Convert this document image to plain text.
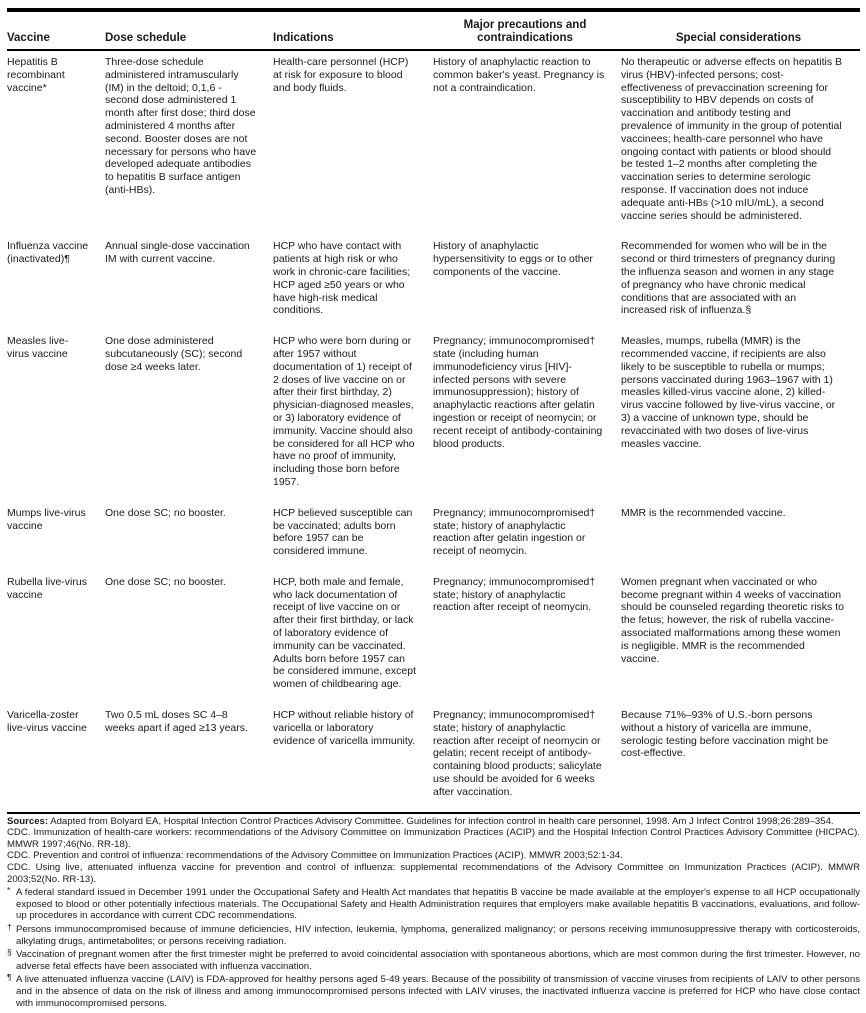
Vaccine	Dose schedule	Indications	Major precautions and contraindications	Special considerations
Hepatitis B recombinant vaccine*	Three-dose schedule administered intramuscularly (IM) in the deltoid; 0,1,6 - second dose administered 1 month after first dose; third dose administered 4 months after second. Booster doses are not necessary for persons who have developed adequate antibodies to hepatitis B surface antigen (anti-HBs).	Health-care personnel (HCP) at risk for exposure to blood and body fluids.	History of anaphylactic reaction to common baker's yeast. Pregnancy is not a contraindication.	No therapeutic or adverse effects on hepatitis B virus (HBV)-infected persons; cost-effectiveness of prevaccination screening for susceptibility to HBV depends on costs of vaccination and antibody testing and prevalence of immunity in the group of potential vaccinees; health-care personnel who have ongoing contact with patients or blood should be tested 1–2 months after completing the vaccination series to determine serologic response. If vaccination does not induce adequate anti-HBs (>10 mIU/mL), a second vaccine series should be administered.
Influenza vaccine (inactivated)¶	Annual single-dose vaccination IM with current vaccine.	HCP who have contact with patients at high risk or who work in chronic-care facilities; HCP aged ≥50 years or who have high-risk medical conditions.	History of anaphylactic hypersensitivity to eggs or to other components of the vaccine.	Recommended for women who will be in the second or third trimesters of pregnancy during the influenza season and women in any stage of pregnancy who have chronic medical conditions that are associated with an increased risk of influenza.§
Measles live-virus vaccine	One dose administered subcutaneously (SC); second dose ≥4 weeks later.	HCP who were born during or after 1957 without documentation of 1) receipt of 2 doses of live vaccine on or after their first birthday, 2) physician-diagnosed measles, or 3) laboratory evidence of immunity. Vaccine should also be considered for all HCP who have no proof of immunity, including those born before 1957.	Pregnancy; immunocompromised† state (including human immunodeficiency virus [HIV]-infected persons with severe immunosuppression); history of anaphylactic reactions after gelatin ingestion or receipt of neomycin; or recent receipt of antibody-containing blood products.	Measles, mumps, rubella (MMR) is the recommended vaccine, if recipients are also likely to be susceptible to rubella or mumps; persons vaccinated during 1963–1967 with 1) measles killed-virus vaccine alone, 2) killed-virus vaccine followed by live-virus vaccine, or 3) a vaccine of unknown type, should be revaccinated with two doses of live-virus measles vaccine.
Mumps live-virus vaccine	One dose SC; no booster.	HCP believed susceptible can be vaccinated; adults born before 1957 can be considered immune.	Pregnancy; immunocompromised† state; history of anaphylactic reaction after gelatin ingestion or receipt of neomycin.	MMR is the recommended vaccine.
Rubella live-virus vaccine	One dose SC; no booster.	HCP, both male and female, who lack documentation of receipt of live vaccine on or after their first birthday, or lack of laboratory evidence of immunity can be vaccinated. Adults born before 1957 can be considered immune, except women of childbearing age.	Pregnancy; immunocompromised† state; history of anaphylactic reaction after receipt of neomycin.	Women pregnant when vaccinated or who become pregnant within 4 weeks of vaccination should be counseled regarding theoretic risks to the fetus; however, the risk of rubella vaccine-associated malformations among these women is negligible. MMR is the recommended vaccine.
Varicella-zoster live-virus vaccine	Two 0.5 mL doses SC 4–8 weeks apart if aged ≥13 years.	HCP without reliable history of varicella or laboratory evidence of varicella immunity.	Pregnancy; immunocompromised† state; history of anaphylactic reaction after receipt of neomycin or gelatin; recent receipt of antibody-containing blood products; salicylate use should be avoided for 6 weeks after vaccination.	Because 71%–93% of U.S.-born persons without a history of varicella are immune, serologic testing before vaccination might be cost-effective.

Sources: Adapted from Bolyard EA, Hospital Infection Control Practices Advisory Committee. Guidelines for infection control in health care personnel, 1998. Am J Infect Control 1998;26:289–354.

CDC. Immunization of health-care workers: recommendations of the Advisory Committee on Immunization Practices (ACIP) and the Hospital Infection Control Practices Advisory Committee (HICPAC). MMWR 1997;46(No. RR-18).

CDC. Prevention and control of influenza: recommendations of the Advisory Committee on Immunization Practices (ACIP). MMWR 2003;52:1-34.

CDC. Using live, attenuated influenza vaccine for prevention and control of influenza: supplemental recommendations of the Advisory Committee on Immunization Practices (ACIP). MMWR 2003;52(No. RR-13).

* A federal standard issued in December 1991 under the Occupational Safety and Health Act mandates that hepatitis B vaccine be made available at the employer's expense to all HCP occupationally exposed to blood or other potentially infectious materials. The Occupational Safety and Health Administration requires that employers make available hepatitis B vaccinations, evaluations, and follow-up procedures in accordance with current CDC recommendations.

† Persons immunocompromised because of immune deficiencies, HIV infection, leukemia, lymphoma, generalized malignancy; or persons receiving immunosuppressive therapy with corticosteroids, alkylating drugs, antimetabolites; or persons receiving radiation.

§ Vaccination of pregnant women after the first trimester might be preferred to avoid coincidental association with spontaneous abortions, which are most common during the first trimester. However, no adverse fetal effects have been associated with influenza vaccination.

¶ A live attenuated influenza vaccine (LAIV) is FDA-approved for healthy persons aged 5-49 years. Because of the possibility of transmission of vaccine viruses from recipients of LAIV to other persons and in the absence of data on the risk of illness and among immunocompromised persons infected with LAIV viruses, the inactivated influenza vaccine is preferred for HCP who have close contact with immunocompromised persons.
